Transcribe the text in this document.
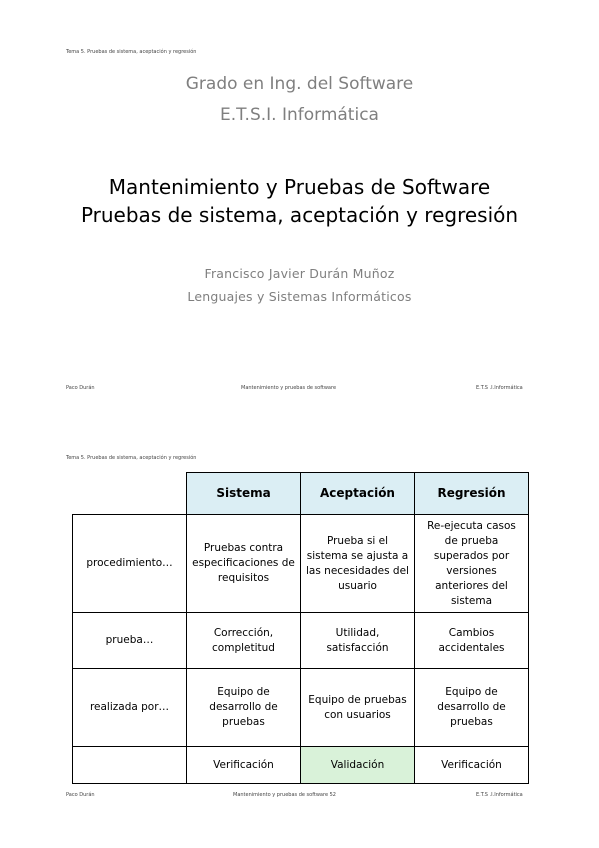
Tema 5. Pruebas de sistema, aceptación y regresión
Grado en Ing. del Software
E.T.S.I. Informática
Mantenimiento y Pruebas de Software
Pruebas de sistema, aceptación y regresión
Francisco Javier Durán Muñoz
Lenguajes y Sistemas Informáticos
Paco Durán	Mantenimiento y pruebas de software	E.T.S .I.Informática
Tema 5. Pruebas de sistema, aceptación y regresión
	Sistema	Aceptación	Regresión
procedimiento…	Pruebas contra especificaciones de requisitos	Prueba si el sistema se ajusta a las necesidades del usuario	Re-ejecuta casos de prueba superados por versiones anteriores del sistema
prueba…	Corrección, completitud	Utilidad, satisfacción	Cambios accidentales
realizada por…	Equipo de desarrollo de pruebas	Equipo de pruebas con usuarios	Equipo de desarrollo de pruebas
	Verificación	Validación	Verificación
Paco Durán	Mantenimiento y pruebas de software 52	E.T.S .I.Informática
